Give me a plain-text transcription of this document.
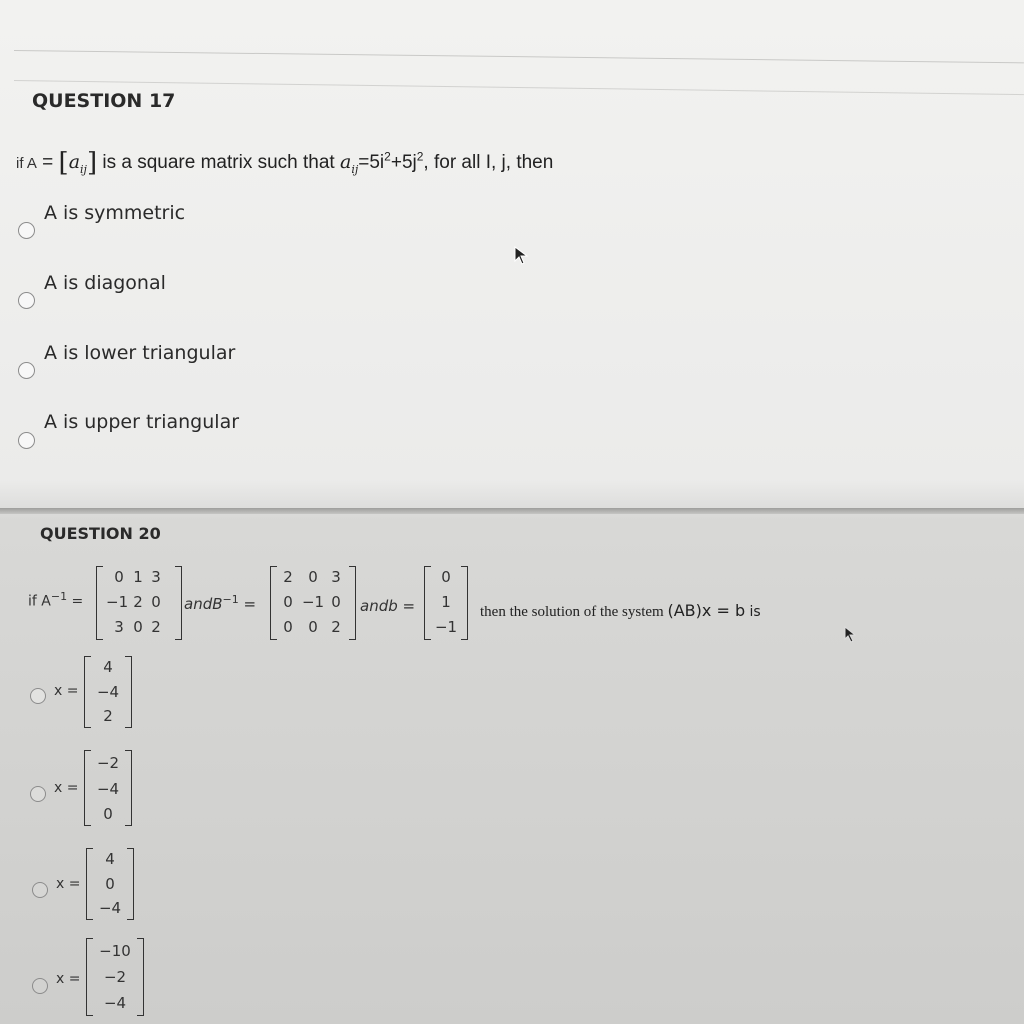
QUESTION 17
if $A = [a_{ij}]$ is a square matrix such that $a_{ij}=5i^2+5j^2$, for all I, j, then
A is symmetric
A is diagonal
A is lower triangular
A is upper triangular
QUESTION 20
if $A^{-1}$ =
0 1 3
−1 2 0
3 0 2
andB$^{-1}$ =
2	0 3
0 −1 0
0	0 2
andb =
0
1
−1
then the solution of the system (AB)x = b is
x =
4
−4
2
x =
−2
−4
0
x =
4
0
−4
x =
−10
−2
−4
